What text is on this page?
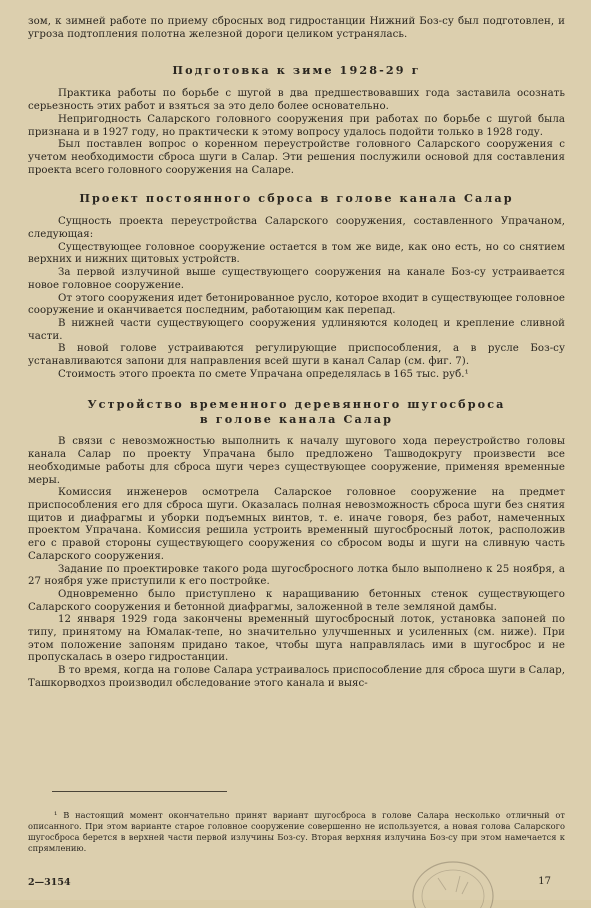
зом, к зимней работе по приему сбросных вод гидростанции Нижний Боз-су был подготовлен, и угроза подтопления полотна железной дороги целиком устранялась.

Подготовка к зиме 1928-29 г

Практика работы по борьбе с шугой в два предшествовавших года заставила осознать серьезность этих работ и взяться за это дело более основательно.

Непригодность Саларского головного сооружения при работах по борьбе с шугой была признана и в 1927 году, но практически к этому вопросу удалось подойти только в 1928 году.

Был поставлен вопрос о коренном переустройстве головного Саларского сооружения с учетом необходимости сброса шуги в Салар. Эти решения послужили основой для составления проекта всего головного сооружения на Саларе.

Проект постоянного сброса в голове канала Салар

Сущность проекта переустройства Саларского сооружения, составленного Упрачаном, следующая:

Существующее головное сооружение остается в том же виде, как оно есть, но со снятием верхних и нижних щитовых устройств.

За первой излучиной выше существующего сооружения на канале Боз-су устраивается новое головное сооружение.

От этого сооружения идет бетонированное русло, которое входит в существующее головное сооружение и оканчивается последним, работающим как перепад.

В нижней части существующего сооружения удлиняются колодец и крепление сливной части.

В новой голове устраиваются регулирующие приспособления, а в русле Боз-су устанавливаются запони для направления всей шуги в канал Салар (см. фиг. 7).

Стоимость этого проекта по смете Упрачана определялась в 165 тыс. руб.¹

Устройство временного деревянного шугосброса
в голове канала Салар

В связи с невозможностью выполнить к началу шугового хода переустройство головы канала Салар по проекту Упрачана было предложено Ташводокругу произвести все необходимые работы для сброса шуги через существующее сооружение, применяя временные меры.

Комиссия инженеров осмотрела Саларское головное сооружение на предмет приспособления его для сброса шуги. Оказалась полная невозможность сброса шуги без снятия щитов и диафрагмы и уборки подъемных винтов, т. е. иначе говоря, без работ, намеченных проектом Упрачана. Комиссия решила устроить временный шугосбросный лоток, расположив его с правой стороны существующего сооружения со сбросом воды и шуги на сливную часть Саларского сооружения.

Задание по проектировке такого рода шугосбросного лотка было выполнено к 25 ноября, а 27 ноября уже приступили к его постройке.

Одновременно было приступлено к наращиванию бетонных стенок существующего Саларского сооружения и бетонной диафрагмы, заложенной в теле земляной дамбы.

12 января 1929 года закончены временный шугосбросный лоток, установка запоней по типу, принятому на Юмалак-тепе, но значительно улучшенных и усиленных (см. ниже). При этом положение запоням придано такое, чтобы шуга направлялась ими в шугосброс и не пропускалась в озеро гидростанции.

В то время, когда на голове Салара устраивалось приспособление для сброса шуги в Салар, Ташкорводхоз производил обследование этого канала и выяс-

¹ В настоящий момент окончательно принят вариант шугосброса в голове Салара несколько отличный от описанного. При этом варианте старое головное сооружение совершенно не используется, а новая голова Саларского шугосброса берется в верхней части первой излучины Боз-су. Вторая верхняя излучина Боз-су при этом намечается к спрямлению.

2—3154	17
